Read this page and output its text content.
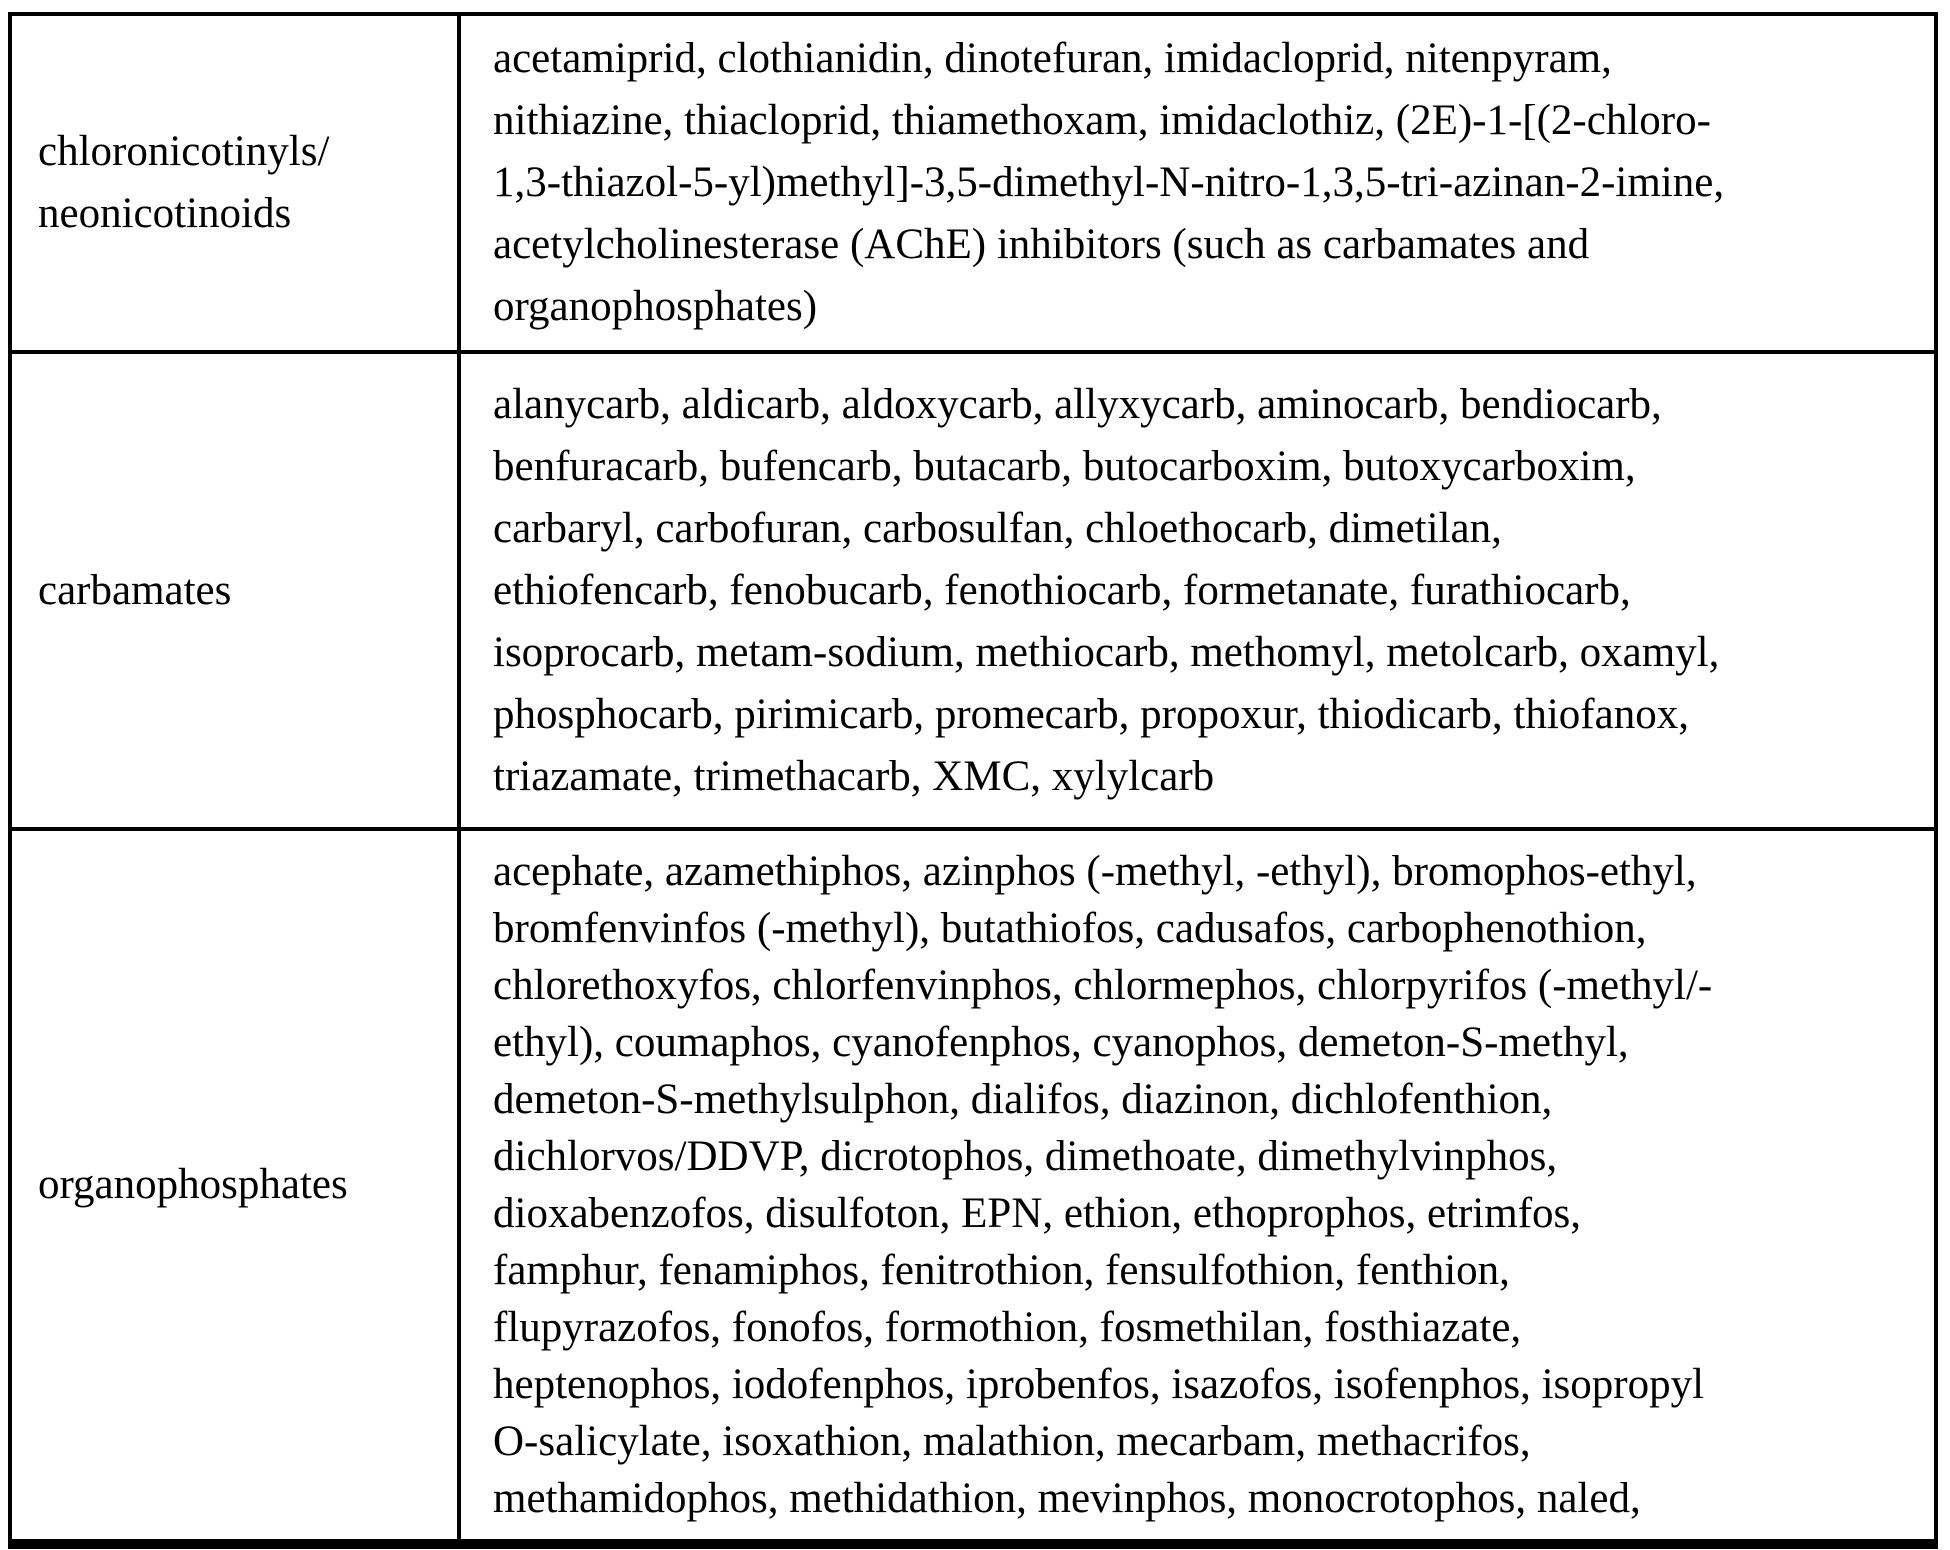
chloronicotinyls/
neonicotinoids
acetamiprid, clothianidin, dinotefuran, imidacloprid, nitenpyram,
nithiazine, thiacloprid, thiamethoxam, imidaclothiz, (2E)-1-[(2-chloro-
1,3-thiazol-5-yl)methyl]-3,5-dimethyl-N-nitro-1,3,5-tri-azinan-2-imine,
acetylcholinesterase (AChE) inhibitors (such as carbamates and
organophosphates)
carbamates
alanycarb, aldicarb, aldoxycarb, allyxycarb, aminocarb, bendiocarb,
benfuracarb, bufencarb, butacarb, butocarboxim, butoxycarboxim,
carbaryl, carbofuran, carbosulfan, chloethocarb, dimetilan,
ethiofencarb, fenobucarb, fenothiocarb, formetanate, furathiocarb,
isoprocarb, metam-sodium, methiocarb, methomyl, metolcarb, oxamyl,
phosphocarb, pirimicarb, promecarb, propoxur, thiodicarb, thiofanox,
triazamate, trimethacarb, XMC, xylylcarb
organophosphates
acephate, azamethiphos, azinphos (-methyl, -ethyl), bromophos-ethyl,
bromfenvinfos (-methyl), butathiofos, cadusafos, carbophenothion,
chlorethoxyfos, chlorfenvinphos, chlormephos, chlorpyrifos (-methyl/-
ethyl), coumaphos, cyanofenphos, cyanophos, demeton-S-methyl,
demeton-S-methylsulphon, dialifos, diazinon, dichlofenthion,
dichlorvos/DDVP, dicrotophos, dimethoate, dimethylvinphos,
dioxabenzofos, disulfoton, EPN, ethion, ethoprophos, etrimfos,
famphur, fenamiphos, fenitrothion, fensulfothion, fenthion,
flupyrazofos, fonofos, formothion, fosmethilan, fosthiazate,
heptenophos, iodofenphos, iprobenfos, isazofos, isofenphos, isopropyl
O-salicylate, isoxathion, malathion, mecarbam, methacrifos,
methamidophos, methidathion, mevinphos, monocrotophos, naled,
